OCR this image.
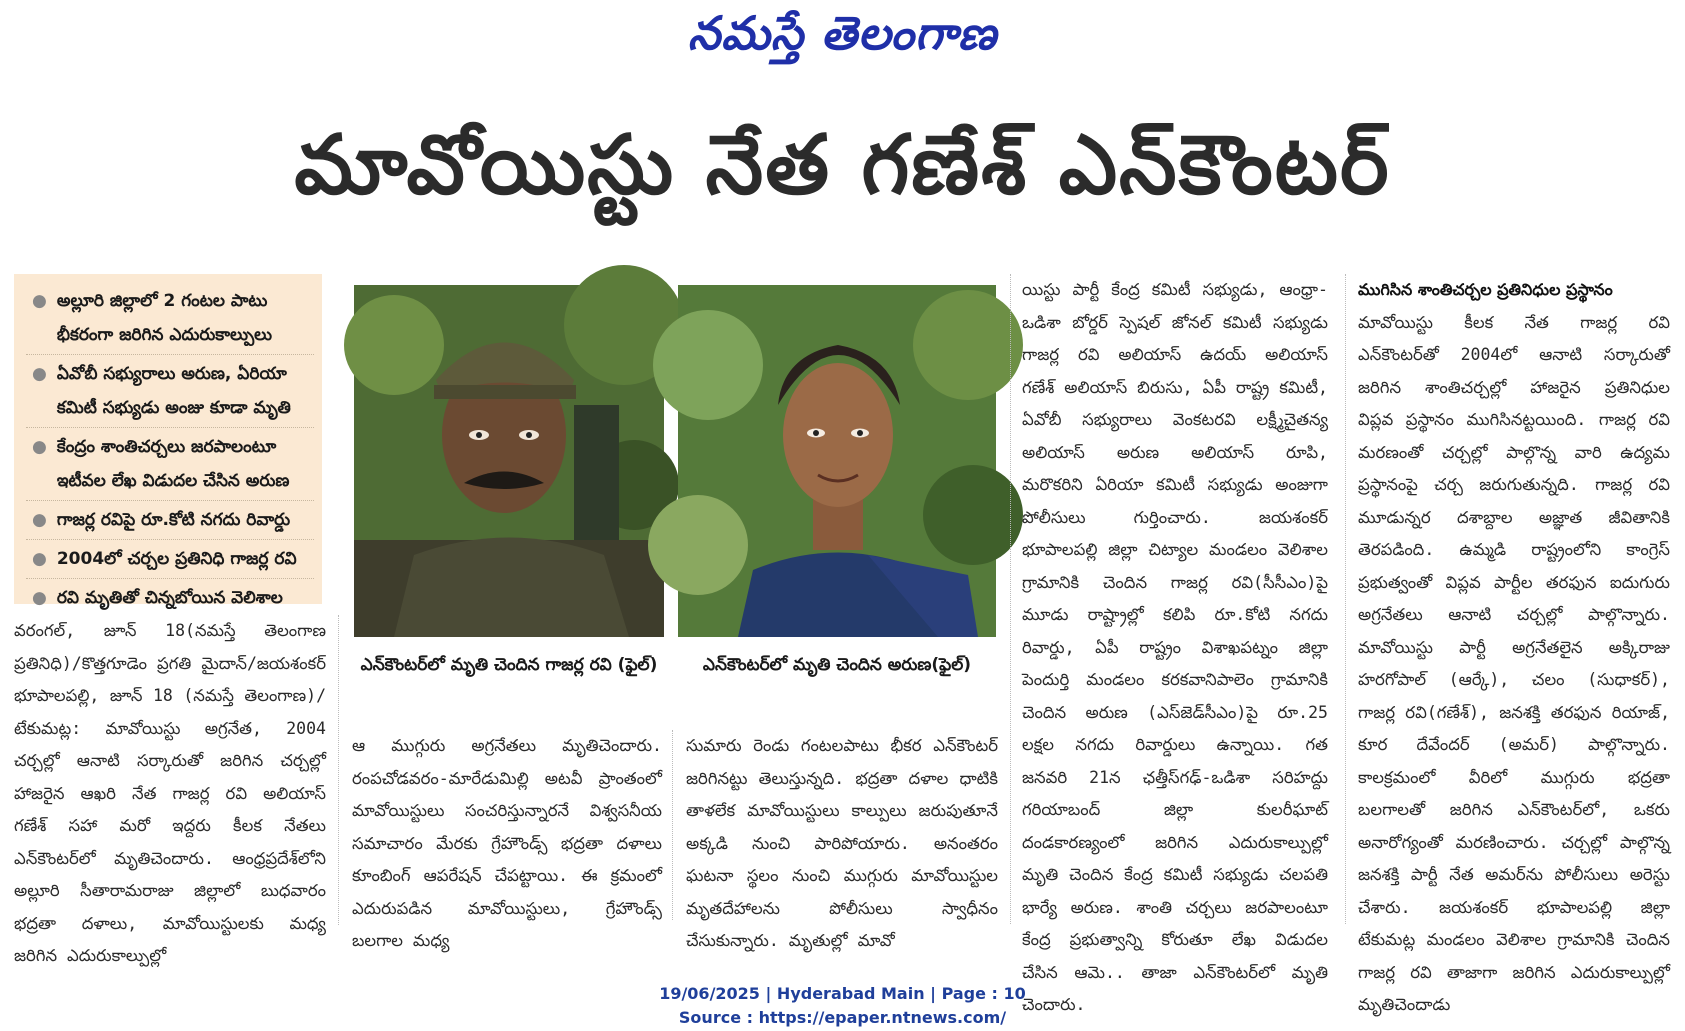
నమస్తే తెలంగాణ
మావోయిస్టు నేత గణేశ్ ఎన్‌కౌంటర్
● అల్లూరి జిల్లాలో 2 గంటల పాటు భీకరంగా జరిగిన ఎదురుకాల్పులు
● ఏవోబీ సభ్యురాలు అరుణ, ఏరియా కమిటీ సభ్యుడు అంజు కూడా మృతి
● కేంద్రం శాంతిచర్చలు జరపాలంటూ ఇటీవల లేఖ విడుదల చేసిన అరుణ
● గాజర్ల రవిపై రూ.కోటి నగదు రివార్డు
● 2004లో చర్చల ప్రతినిధి గాజర్ల రవి
● రవి మృతితో చిన్నబోయిన వెలిశాల
ఎన్‌కౌంటర్‌లో మృతి చెందిన గాజర్ల రవి (ఫైల్)	ఎన్‌కౌంటర్‌లో మృతి చెందిన అరుణ(ఫైల్)
వరంగల్, జూన్ 18(నమస్తే తెలంగాణ ప్రతినిధి)/కొత్తగూడెం ప్రగతి మైదాన్/జయశంకర్ భూపాలపల్లి, జూన్ 18 (నమస్తే తెలంగాణ)/టేకుమట్ల: మావోయిస్టు అగ్రనేత, 2004 చర్చల్లో ఆనాటి సర్కారుతో జరిగిన చర్చల్లో హాజరైన ఆఖరి నేత గాజర్ల రవి అలియాస్ గణేశ్ సహా మరో ఇద్దరు కీలక నేతలు ఎన్‌కౌంటర్‌లో మృతిచెందారు. ఆంధ్రప్రదేశ్‌లోని అల్లూరి సీతారామరాజు జిల్లాలో బుధవారం భద్రతా దళాలు, మావోయిస్టులకు మధ్య జరిగిన ఎదురుకాల్పుల్లో
ఆ ముగ్గురు అగ్రనేతలు మృతిచెందారు. రంపచోడవరం-మారేడుమిల్లి అటవీ ప్రాంతంలో మావోయిస్టులు సంచరిస్తున్నారనే విశ్వసనీయ సమాచారం మేరకు గ్రేహౌండ్స్ భద్రతా దళాలు కూంబింగ్ ఆపరేషన్ చేపట్టాయి. ఈ క్రమంలో ఎదురుపడిన మావోయిస్టులు, గ్రేహౌండ్స్ బలగాల మధ్య
సుమారు రెండు గంటలపాటు భీకర ఎన్‌కౌంటర్ జరిగినట్టు తెలుస్తున్నది. భద్రతా దళాల ధాటికి తాళలేక మావోయిస్టులు కాల్పులు జరుపుతూనే అక్కడి నుంచి పారిపోయారు. అనంతరం ఘటనా స్థలం నుంచి ముగ్గురు మావోయిస్టుల మృతదేహాలను పోలీసులు స్వాధీనం చేసుకున్నారు. మృతుల్లో మావో
యిస్టు పార్టీ కేంద్ర కమిటీ సభ్యుడు, ఆంధ్రా-ఒడిశా బోర్డర్ స్పెషల్ జోనల్ కమిటీ సభ్యుడు గాజర్ల రవి అలియాస్ ఉదయ్ అలియాస్ గణేశ్ అలియాస్ బిరుసు, ఏపీ రాష్ట్ర కమిటీ, ఏవోబీ సభ్యురాలు వెంకటరవి లక్ష్మీచైతన్య అలియాస్ అరుణ అలియాస్ రూపి, మరొకరిని ఏరియా కమిటీ సభ్యుడు అంజుగా పోలీసులు గుర్తించారు. జయశంకర్ భూపాలపల్లి జిల్లా చిట్యాల మండలం వెలిశాల గ్రామానికి చెందిన గాజర్ల రవి(సీసీఎం)పై మూడు రాష్ట్రాల్లో కలిపి రూ.కోటి నగదు రివార్డు, ఏపీ రాష్ట్రం విశాఖపట్నం జిల్లా పెందుర్తి మండలం కరకవానిపాలెం గ్రామానికి చెందిన అరుణ (ఎస్‌జెడ్‌సీఎం)పై రూ.25 లక్షల నగదు రివార్డులు ఉన్నాయి. గత జనవరి 21న ఛత్తీస్‌గఢ్-ఒడిశా సరిహద్దు గరియాబంద్ జిల్లా కులరీఘాట్ దండకారణ్యంలో జరిగిన ఎదురుకాల్పుల్లో మృతి చెందిన కేంద్ర కమిటీ సభ్యుడు చలపతి భార్యే అరుణ. శాంతి చర్చలు జరపాలంటూ కేంద్ర ప్రభుత్వాన్ని కోరుతూ లేఖ విడుదల చేసిన ఆమె.. తాజా ఎన్‌కౌంటర్‌లో మృతి చెందారు.
ముగిసిన శాంతిచర్చల ప్రతినిధుల ప్రస్థానం
మావోయిస్టు కీలక నేత గాజర్ల రవి ఎన్‌కౌంటర్‌తో 2004లో ఆనాటి సర్కారుతో జరిగిన శాంతిచర్చల్లో హాజరైన ప్రతినిధుల విప్లవ ప్రస్థానం ముగిసినట్టయింది. గాజర్ల రవి మరణంతో చర్చల్లో పాల్గొన్న వారి ఉద్యమ ప్రస్థానంపై చర్చ జరుగుతున్నది. గాజర్ల రవి మూడున్నర దశాబ్దాల అజ్ఞాత జీవితానికి తెరపడింది. ఉమ్మడి రాష్ట్రంలోని కాంగ్రెస్ ప్రభుత్వంతో విప్లవ పార్టీల తరఫున ఐదుగురు అగ్రనేతలు ఆనాటి చర్చల్లో పాల్గొన్నారు. మావోయిస్టు పార్టీ అగ్రనేతలైన అక్కిరాజు హరగోపాల్ (ఆర్కే), చలం (సుధాకర్), గాజర్ల రవి(గణేశ్), జనశక్తి తరఫున రియాజ్, కూర దేవేందర్ (అమర్) పాల్గొన్నారు. కాలక్రమంలో వీరిలో ముగ్గురు భద్రతా బలగాలతో జరిగిన ఎన్‌కౌంటర్‌లో, ఒకరు అనారోగ్యంతో మరణించారు. చర్చల్లో పాల్గొన్న జనశక్తి పార్టీ నేత అమర్‌ను పోలీసులు అరెస్టు చేశారు. జయశంకర్ భూపాలపల్లి జిల్లా టేకుమట్ల మండలం వెలిశాల గ్రామానికి చెందిన గాజర్ల రవి తాజాగా జరిగిన ఎదురుకాల్పుల్లో మృతిచెందాడు
19/06/2025 | Hyderabad Main | Page : 10
Source : https://epaper.ntnews.com/
